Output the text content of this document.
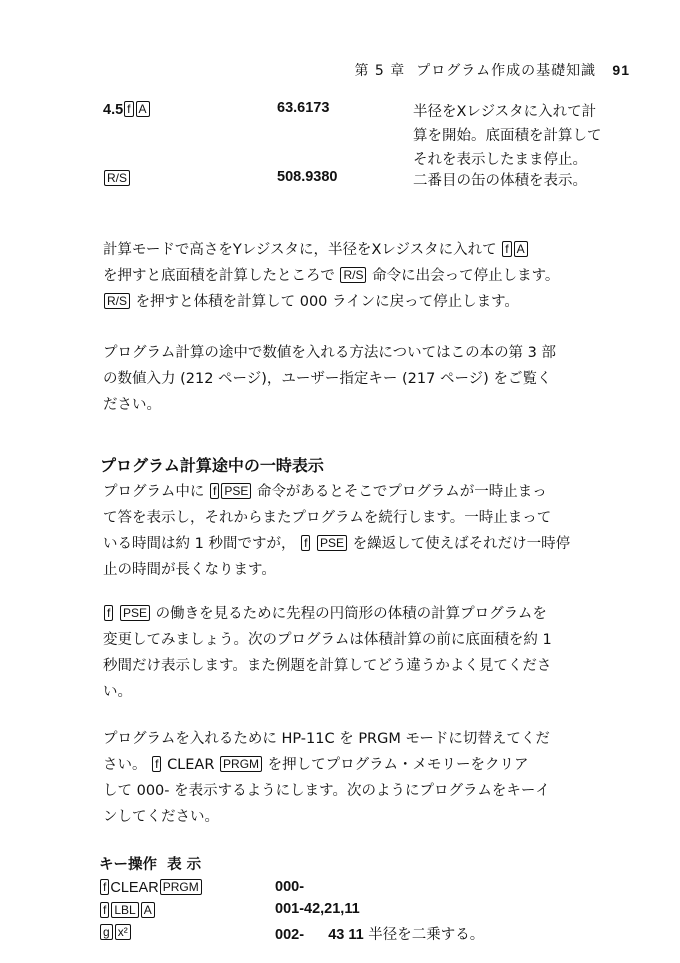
第 5 章 プログラム作成の基礎知識 91
4.5 f A	63.6173	半径をXレジスタに入れて計
算を開始。底面積を計算して
それを表示したまま停止。
R/S	508.9380	二番目の缶の体積を表示。
計算モードで高さをYレジスタに，半径をXレジスタに入れて f A
を押すと底面積を計算したところで R/S 命令に出会って停止します。
R/S を押すと体積を計算して 000 ラインに戻って停止します。
プログラム計算の途中で数値を入れる方法についてはこの本の第 3 部
の数値入力 (212 ページ)，ユーザー指定キー (217 ページ) をご覧く
ださい。
プログラム計算途中の一時表示
プログラム中に f PSE 命令があるとそこでプログラムが一時止まっ
て答を表示し，それからまたプログラムを続行します。一時止まって
いる時間は約 1 秒間ですが， f PSE を繰返して使えばそれだけ一時停
止の時間が長くなります。
f PSE の働きを見るために先程の円筒形の体積の計算プログラムを
変更してみましょう。次のプログラムは体積計算の前に底面積を約 1
秒間だけ表示します。また例題を計算してどう違うかよく見てくださ
い。
プログラムを入れるために HP-11C を PRGM モードに切替えてくだ
さい。 f CLEAR PRGM を押してプログラム・メモリーをクリア
して 000- を表示するようにします。次のようにプログラムをキーイ
ンしてください。
キー操作 表 示
f CLEAR PRGM	000-
f LBL A	001-42,21,11
g x²	002-      43 11 半径を二乗する。
